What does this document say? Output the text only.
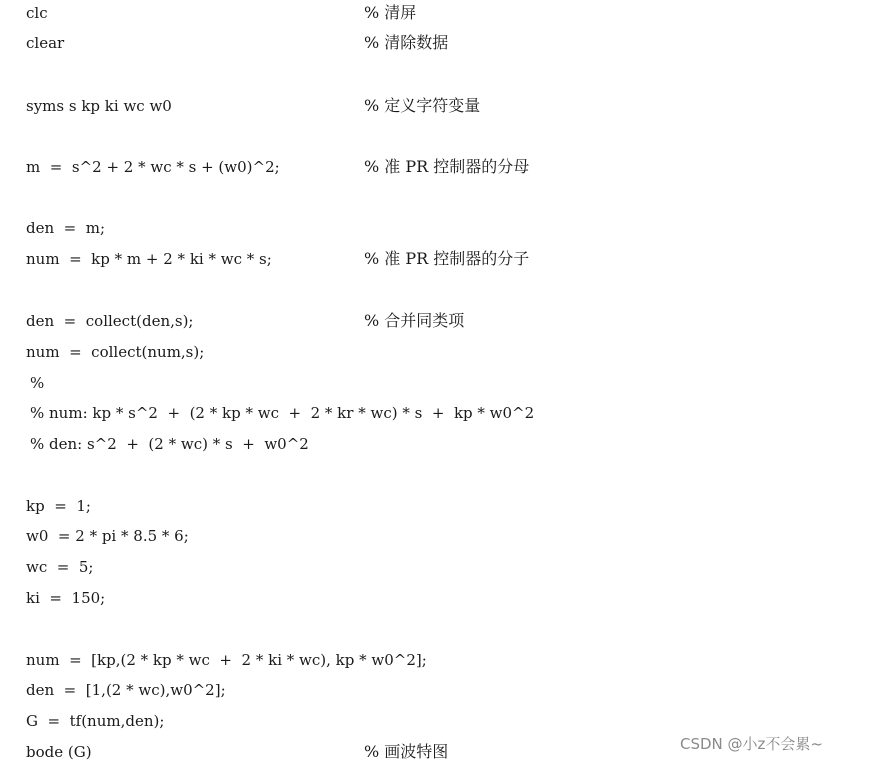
clc	% 清屏
clear	% 清除数据
syms s kp ki wc w0	% 定义字符变量
m  =  s^2 + 2 * wc * s + (w0)^2;	% 准 PR 控制器的分母
den  =  m;
num  =  kp * m + 2 * ki * wc * s;	% 准 PR 控制器的分子
den  =  collect(den,s);	% 合并同类项
num  =  collect(num,s);
%
% num: kp * s^2  +  (2 * kp * wc  +  2 * kr * wc) * s  +  kp * w0^2
% den: s^2  +  (2 * wc) * s  +  w0^2
kp  =  1;
w0  = 2 * pi * 8.5 * 6;
wc  =  5;
ki  =  150;
num  =  [kp,(2 * kp * wc  +  2 * ki * wc), kp * w0^2];
den  =  [1,(2 * wc),w0^2];
G  =  tf(num,den);
bode (G)	% 画波特图	CSDN @小z不会累~
